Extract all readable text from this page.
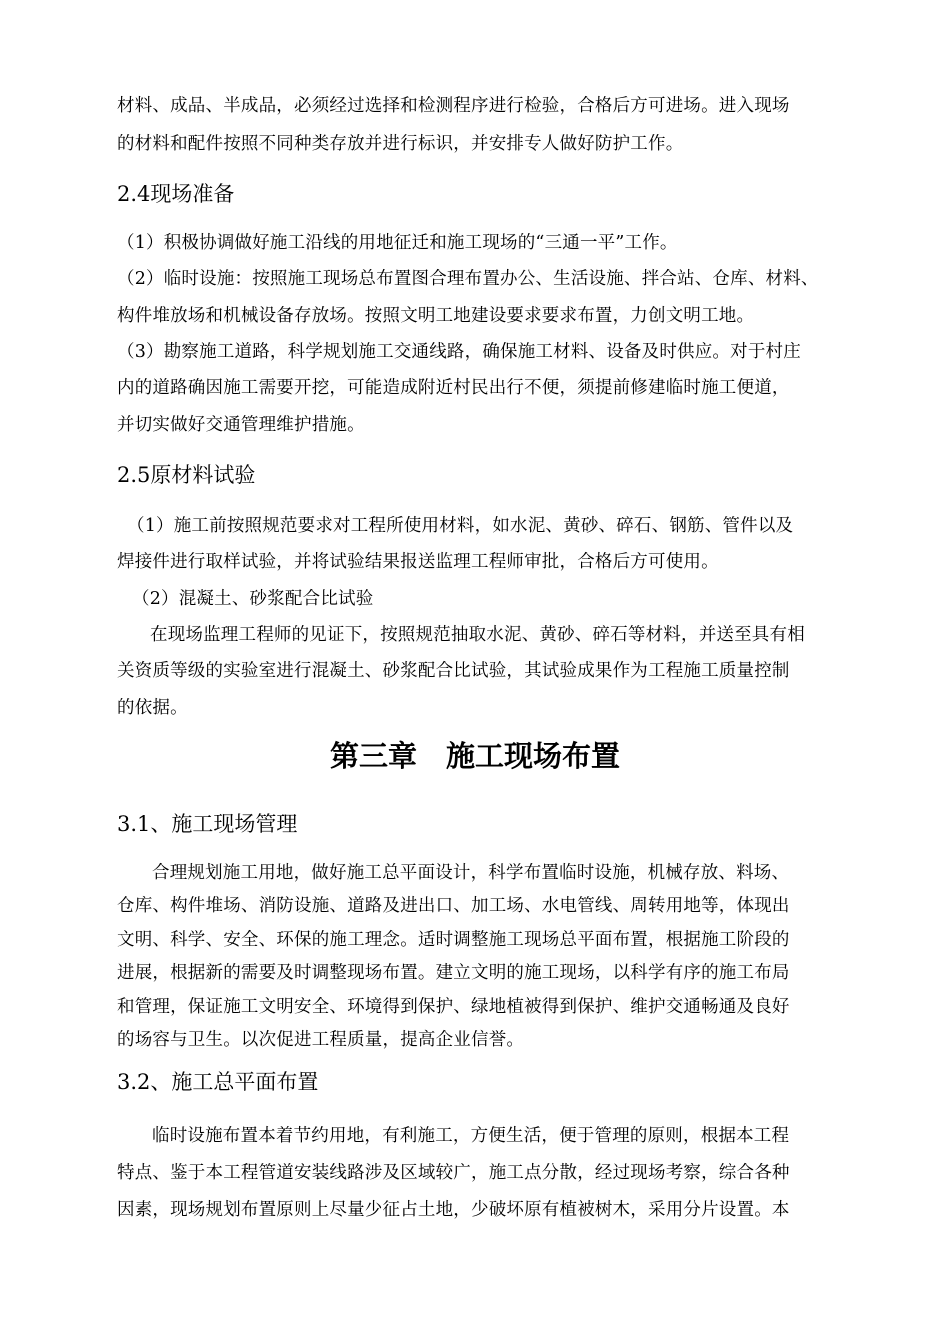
材料、成品、半成品，必须经过选择和检测程序进行检验，合格后方可进场。进入现场
的材料和配件按照不同种类存放并进行标识，并安排专人做好防护工作。
2.4现场准备
（1）积极协调做好施工沿线的用地征迁和施工现场的“三通一平”工作。
（2）临时设施：按照施工现场总布置图合理布置办公、生活设施、拌合站、仓库、材料、
构件堆放场和机械设备存放场。按照文明工地建设要求要求布置，力创文明工地。
（3）勘察施工道路，科学规划施工交通线路，确保施工材料、设备及时供应。对于村庄
内的道路确因施工需要开挖，可能造成附近村民出行不便，须提前修建临时施工便道，
并切实做好交通管理维护措施。
2.5原材料试验
（1）施工前按照规范要求对工程所使用材料，如水泥、黄砂、碎石、钢筋、管件以及
焊接件进行取样试验，并将试验结果报送监理工程师审批，合格后方可使用。
（2）混凝土、砂浆配合比试验
在现场监理工程师的见证下，按照规范抽取水泥、黄砂、碎石等材料，并送至具有相
关资质等级的实验室进行混凝土、砂浆配合比试验，其试验成果作为工程施工质量控制
的依据。
第三章　施工现场布置
3.1、施工现场管理
合理规划施工用地，做好施工总平面设计，科学布置临时设施，机械存放、料场、
仓库、构件堆场、消防设施、道路及进出口、加工场、水电管线、周转用地等，体现出
文明、科学、安全、环保的施工理念。适时调整施工现场总平面布置，根据施工阶段的
进展，根据新的需要及时调整现场布置。建立文明的施工现场，以科学有序的施工布局
和管理，保证施工文明安全、环境得到保护、绿地植被得到保护、维护交通畅通及良好
的场容与卫生。以次促进工程质量，提高企业信誉。
3.2、施工总平面布置
临时设施布置本着节约用地，有利施工，方便生活，便于管理的原则，根据本工程
特点、鉴于本工程管道安装线路涉及区域较广，施工点分散，经过现场考察，综合各种
因素，现场规划布置原则上尽量少征占土地，少破坏原有植被树木，采用分片设置。本
